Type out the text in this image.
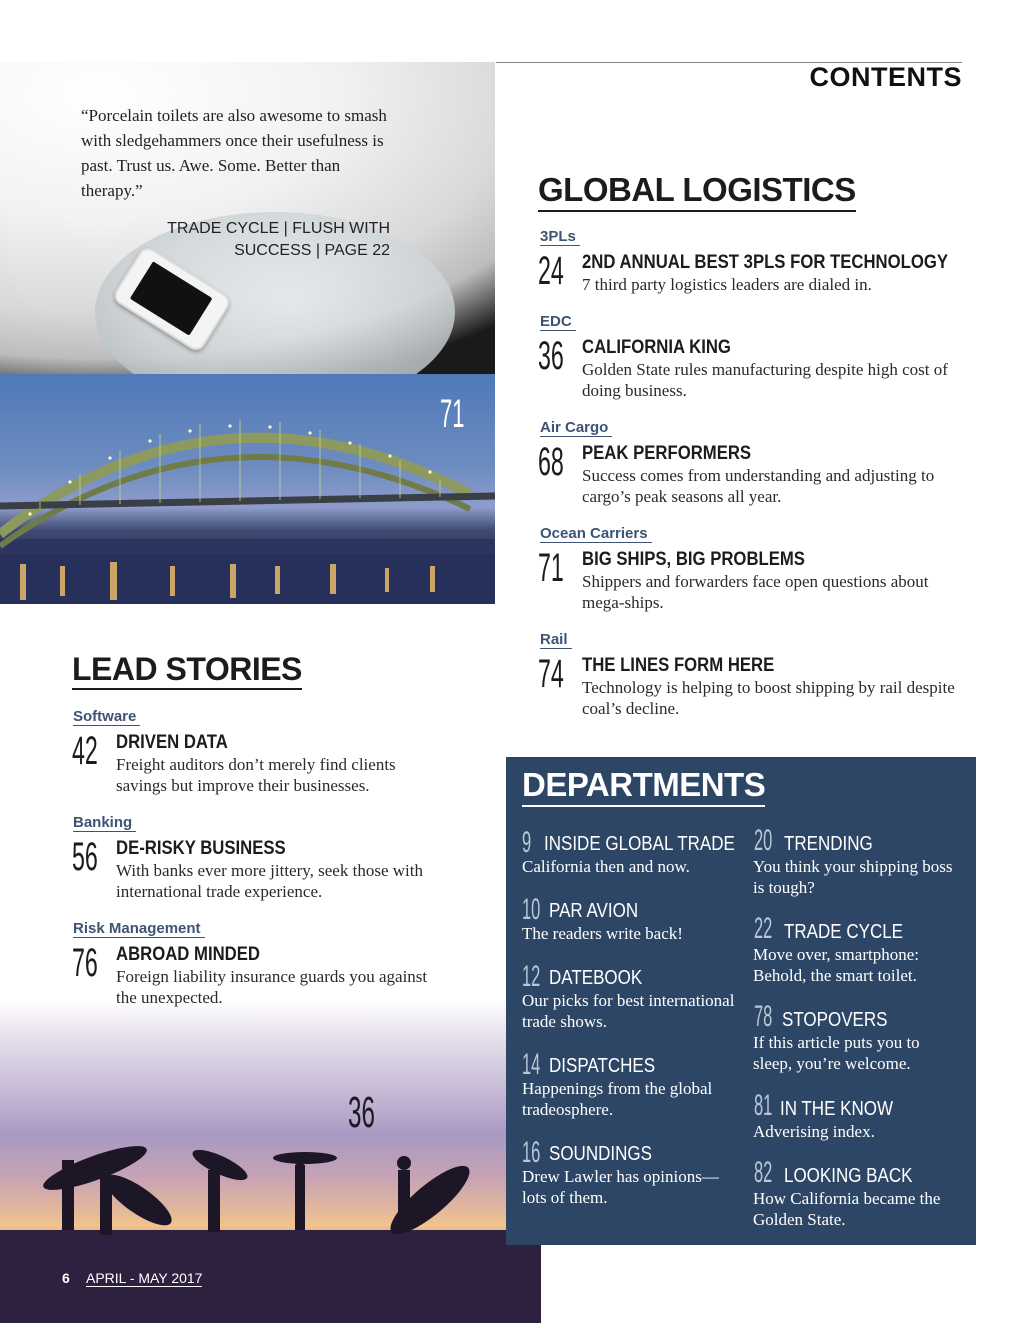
CONTENTS
“Porcelain toilets are also awesome to smash with sledgehammers once their usefulness is past. Trust us. Awe. Some. Better than therapy.”
TRADE CYCLE | FLUSH WITH
SUCCESS | PAGE 22
71
36
6 APRIL - MAY 2017
LEAD STORIES
Software
42 DRIVEN DATA
Freight auditors don’t merely find clients savings but improve their businesses.
Banking
56 DE-RISKY BUSINESS
With banks ever more jittery, seek those with international trade experience.
Risk Management
76 ABROAD MINDED
Foreign liability insurance guards you against the unexpected.
GLOBAL LOGISTICS
3PLs
24 2ND ANNUAL BEST 3PLS FOR TECHNOLOGY
7 third party logistics leaders are dialed in.
EDC
36 CALIFORNIA KING
Golden State rules manufacturing despite high cost of doing business.
Air Cargo
68 PEAK PERFORMERS
Success comes from understanding and adjusting to cargo’s peak seasons all year.
Ocean Carriers
71 BIG SHIPS, BIG PROBLEMS
Shippers and forwarders face open questions about mega-ships.
Rail
74 THE LINES FORM HERE
Technology is helping to boost shipping by rail despite coal’s decline.
DEPARTMENTS
9 INSIDE GLOBAL TRADE
California then and now.
10 PAR AVION
The readers write back!
12 DATEBOOK
Our picks for best international trade shows.
14 DISPATCHES
Happenings from the global tradeosphere.
16 SOUNDINGS
Drew Lawler has opinions—lots of them.
20 TRENDING
You think your shipping boss is tough?
22 TRADE CYCLE
Move over, smartphone: Behold, the smart toilet.
78 STOPOVERS
If this article puts you to sleep, you’re welcome.
81 IN THE KNOW
Adverising index.
82 LOOKING BACK
How California became the Golden State.
